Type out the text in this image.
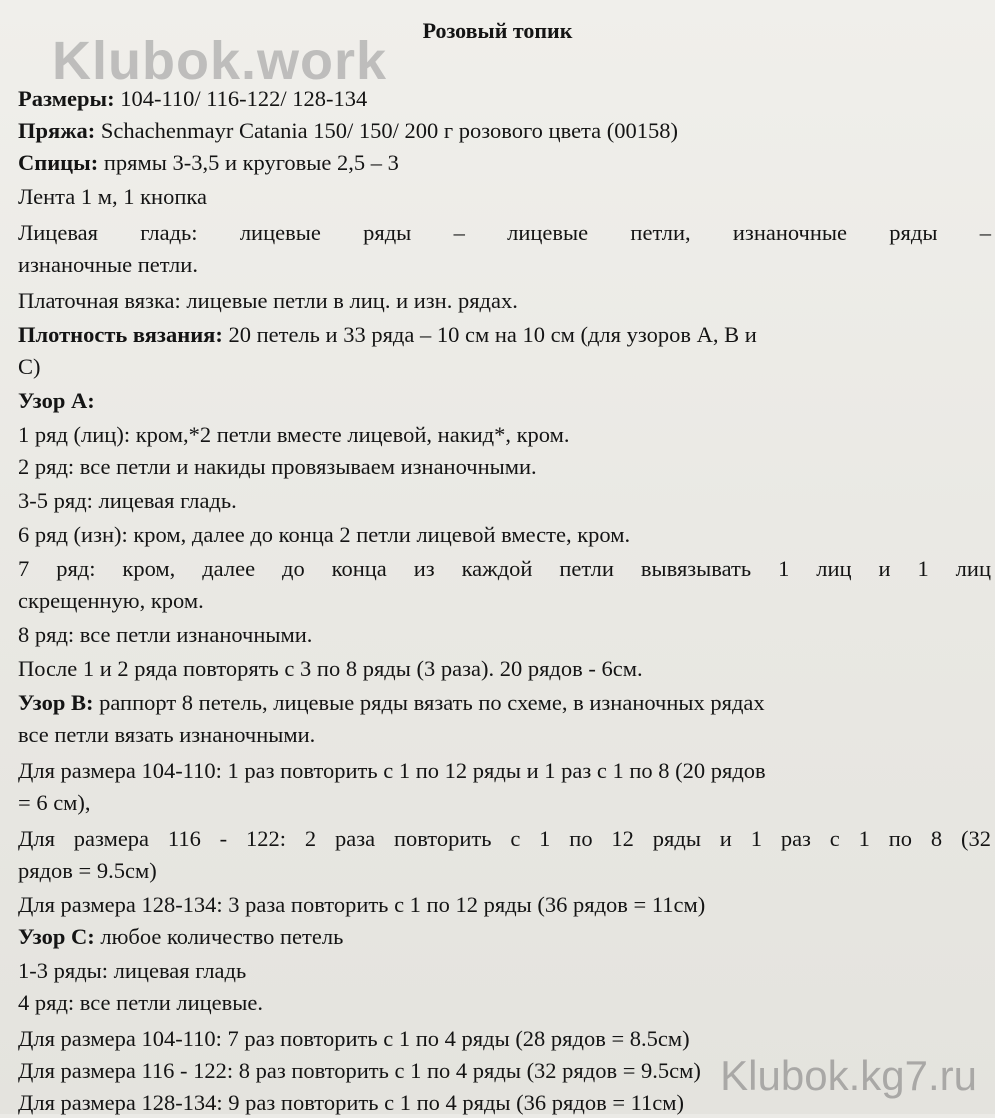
Klubok.work
Розовый топик
Размеры: 104-110/ 116-122/ 128-134
Пряжа: Schachenmayr Catania 150/ 150/ 200 г розового цвета (00158)
Спицы: прямы 3-3,5 и круговые 2,5 – 3
Лента 1 м, 1 кнопка
Лицевая гладь: лицевые ряды – лицевые петли, изнаночные ряды –
изнаночные петли.
Платочная вязка: лицевые петли в лиц. и изн. рядах.
Плотность вязания: 20 петель и 33 ряда – 10 см на 10 см (для узоров А, В и
С)
Узор А:
1 ряд (лиц): кром,*2 петли вместе лицевой, накид*, кром.
2 ряд: все петли и накиды провязываем изнаночными.
3-5 ряд: лицевая гладь.
6 ряд (изн): кром, далее до конца 2 петли лицевой вместе, кром.
7 ряд: кром, далее до конца из каждой петли вывязывать 1 лиц и 1 лиц
скрещенную, кром.
8 ряд: все петли изнаночными.
После 1 и 2 ряда повторять с 3 по 8 ряды (3 раза). 20 рядов - 6см.
Узор В: раппорт 8 петель, лицевые ряды вязать по схеме, в изнаночных рядах
все петли вязать изнаночными.
Для размера 104-110: 1 раз повторить с 1 по 12 ряды и 1 раз с 1 по 8 (20 рядов
= 6 см),
Для размера 116 - 122: 2 раза повторить с 1 по 12 ряды и 1 раз с 1 по 8 (32
рядов = 9.5см)
Для размера 128-134: 3 раза повторить с 1 по 12 ряды (36 рядов = 11см)
Узор С: любое количество петель
1-3 ряды: лицевая гладь
4 ряд: все петли лицевые.
Для размера 104-110: 7 раз повторить с 1 по 4 ряды (28 рядов = 8.5см)
Для размера 116 - 122: 8 раз повторить с 1 по 4 ряды (32 рядов = 9.5см)
Для размера 128-134: 9 раз повторить с 1 по 4 ряды (36 рядов = 11см)
Klubok.kg7.ru
